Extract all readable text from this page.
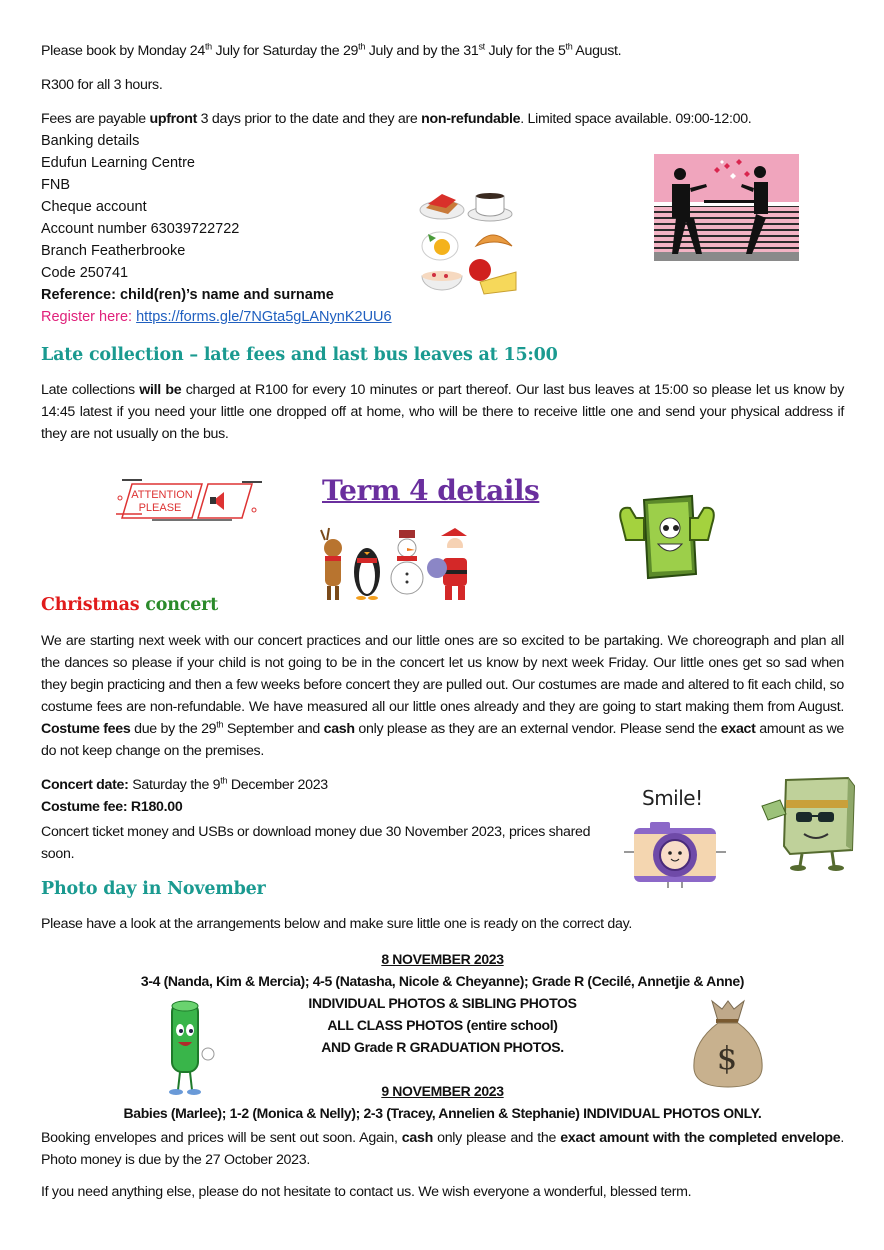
Please book by Monday 24th July for Saturday the 29th July and by the 31st July for the 5th August.

R300 for all 3 hours.

Fees are payable upfront 3 days prior to the date and they are non-refundable. Limited space available. 09:00-12:00.

Banking details

Edufun Learning Centre

FNB

Cheque account

Account number 63039722722

Branch Featherbrooke

Code 250741

Reference: child(ren)’s name and surname

Register here: https://forms.gle/7NGta5gLANynK2UU6

Late collection – late fees and last bus leaves at 15:00

Late collections will be charged at R100 for every 10 minutes or part thereof. Our last bus leaves at 15:00 so please let us know by 14:45 latest if you need your little one dropped off at home, who will be there to receive little one and send your physical address if they are not usually on the bus.

ATTENTION
PLEASE

Term 4 details

Christmas concert

We are starting next week with our concert practices and our little ones are so excited to be partaking. We choreograph and plan all the dances so please if your child is not going to be in the concert let us know by next week Friday. Our little ones get so sad when they begin practicing and then a few weeks before concert they are pulled out. Our costumes are made and altered to fit each child, so costume fees are non-refundable. We have measured all our little ones already and they are going to start making them from August. Costume fees due by the 29th September and cash only please as they are an external vendor. Please send the exact amount as we do not keep change on the premises.

Concert date: Saturday the 9th December 2023

Costume fee: R180.00

Concert ticket money and USBs or download money due 30 November 2023, prices shared soon.

Smile!

Photo day in November

Please have a look at the arrangements below and make sure little one is ready on the correct day.

8 NOVEMBER 2023

3-4 (Nanda, Kim & Mercia); 4-5 (Natasha, Nicole & Cheyanne); Grade R (Cecilé, Annetjie & Anne)

INDIVIDUAL PHOTOS & SIBLING PHOTOS

ALL CLASS PHOTOS (entire school)

AND Grade R GRADUATION PHOTOS.

9 NOVEMBER 2023

Babies (Marlee); 1-2 (Monica & Nelly); 2-3 (Tracey, Annelien & Stephanie) INDIVIDUAL PHOTOS ONLY.

$

Booking envelopes and prices will be sent out soon. Again, cash only please and the exact amount with the completed envelope. Photo money is due by the 27 October 2023.

If you need anything else, please do not hesitate to contact us. We wish everyone a wonderful, blessed term.
